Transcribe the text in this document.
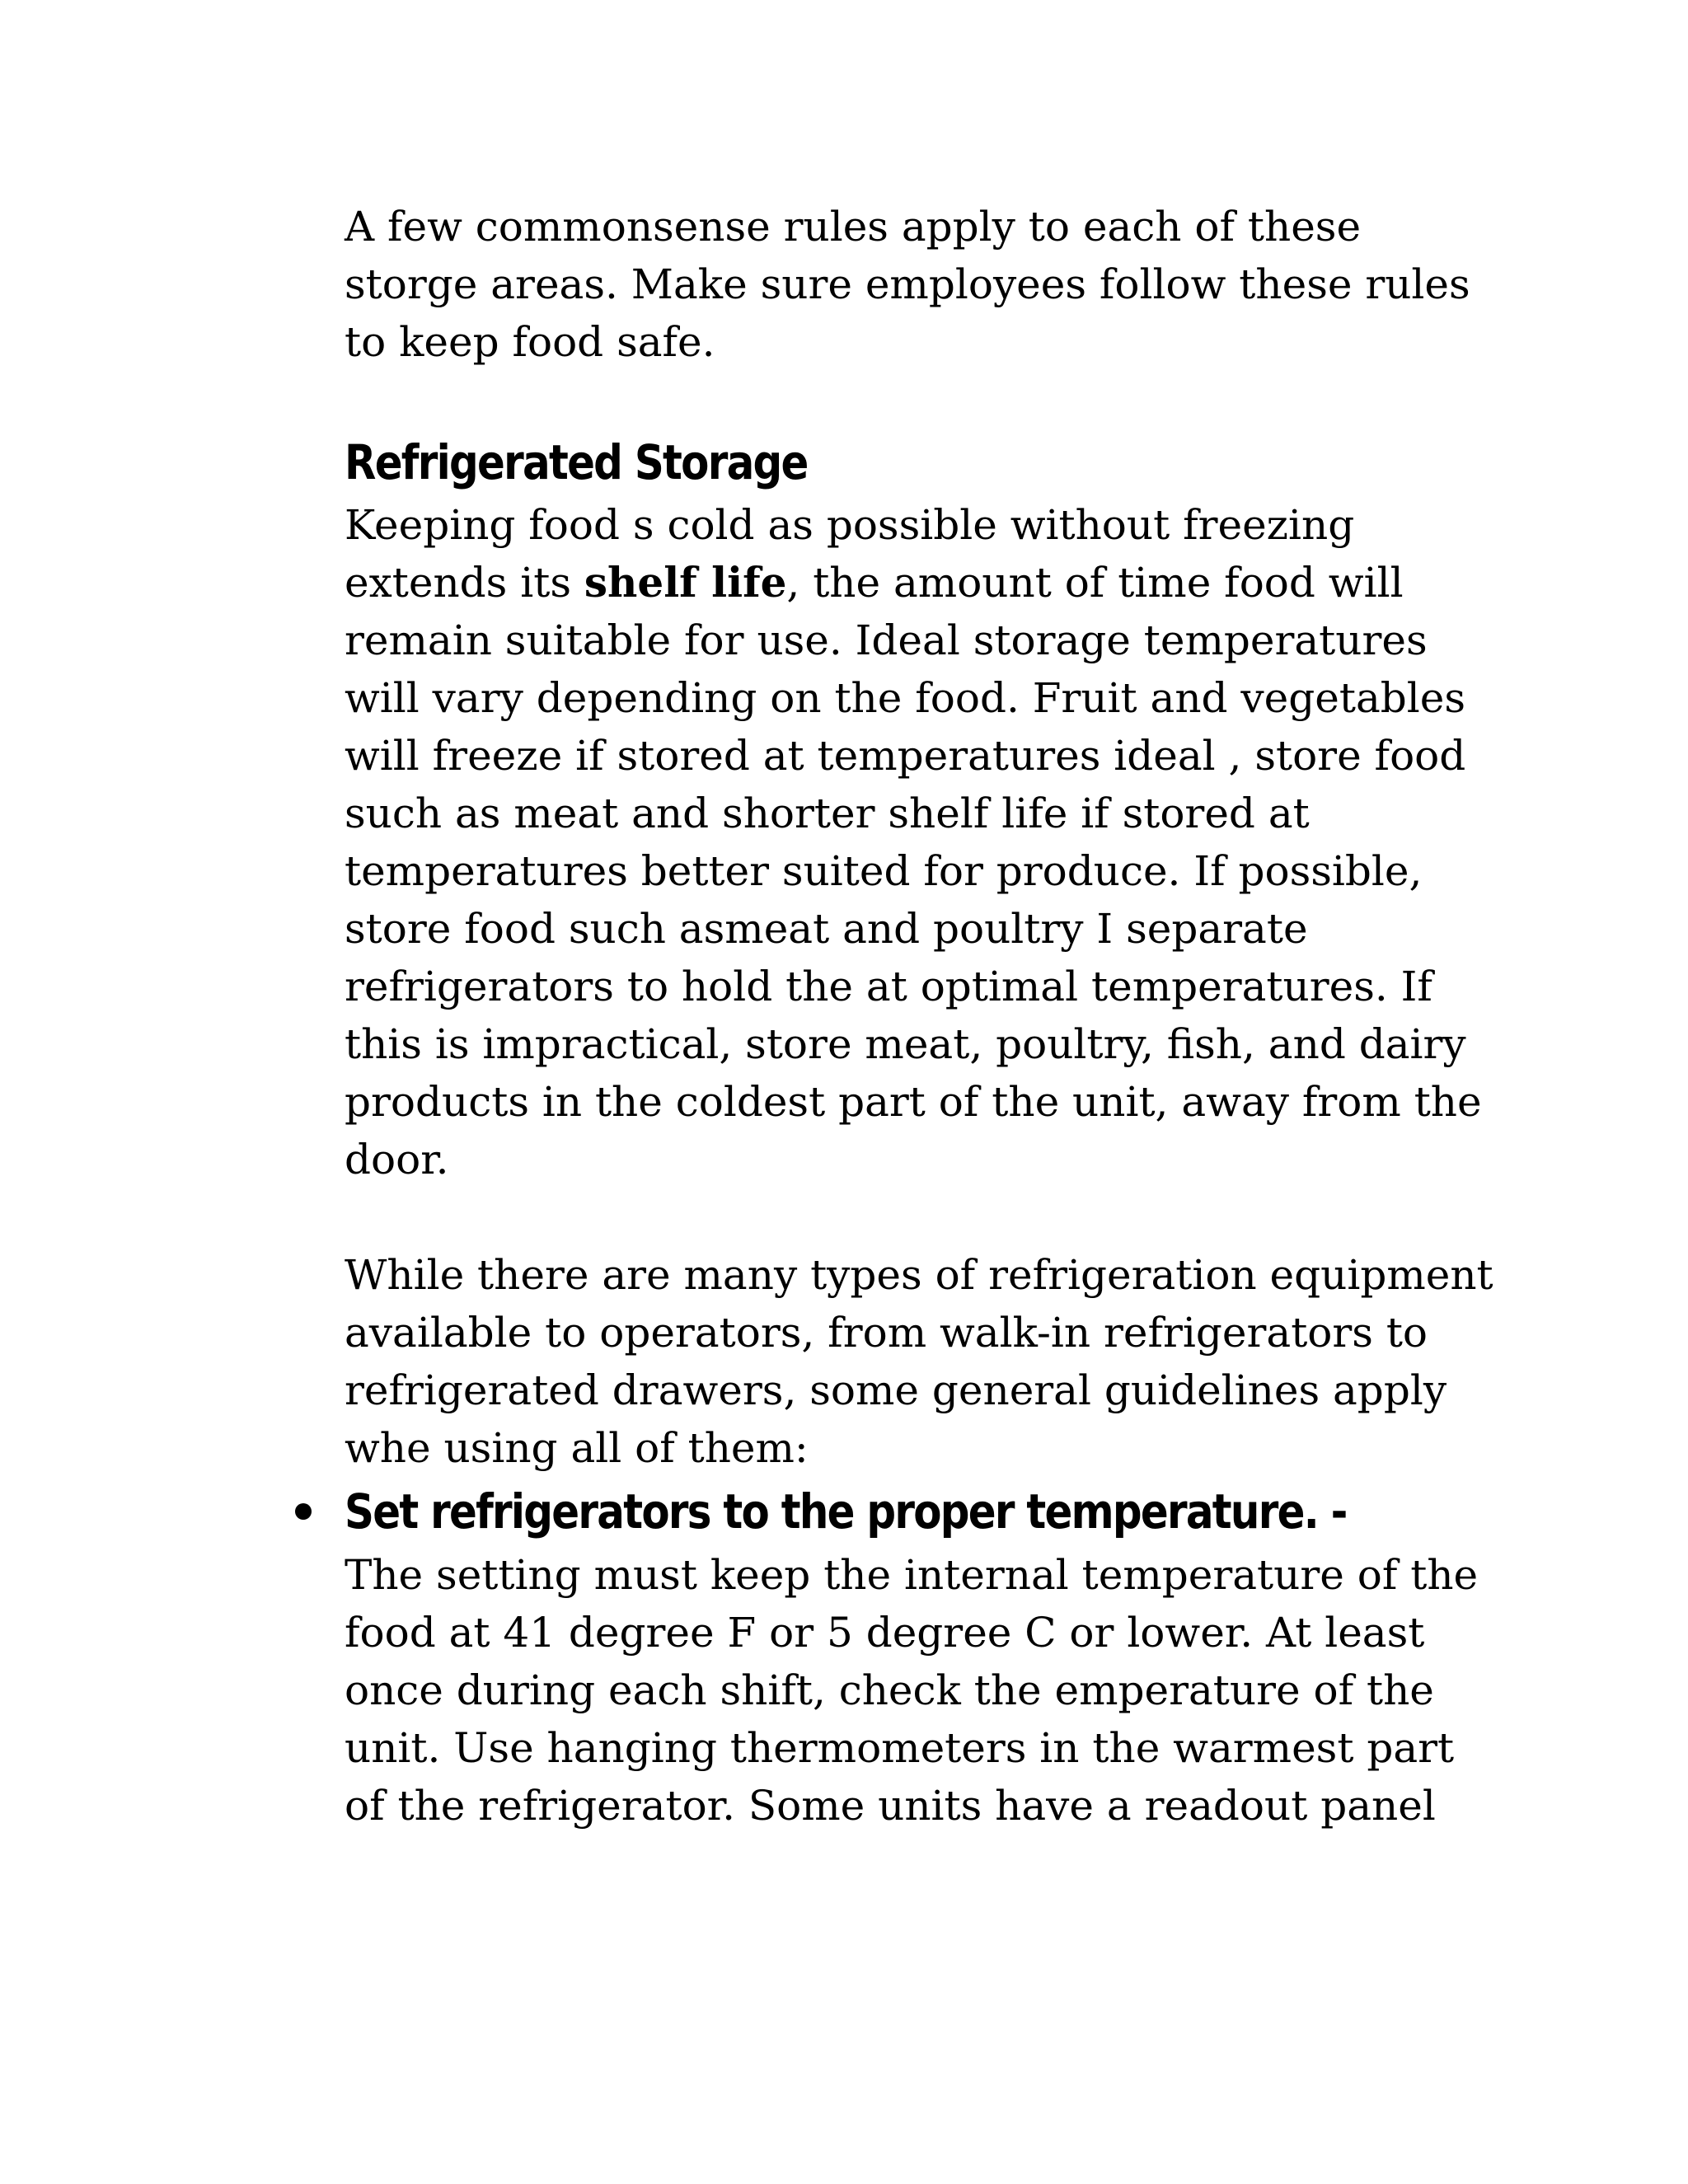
A few commonsense rules apply to each of these storge areas. Make sure employees follow these rules to keep food safe.

Refrigerated Storage

Keeping food s cold as possible without freezing extends its shelf life, the amount of time food will remain suitable for use. Ideal storage temperatures will vary depending on the food. Fruit and vegetables will freeze if stored at temperatures ideal , store food such as meat and shorter shelf life if stored at temperatures better suited for produce. If possible, store food such asmeat and poultry I separate refrigerators to hold the at optimal temperatures. If this is impractical, store meat, poultry, fish, and dairy products in the coldest part of the unit, away from the door.

While there are many types of refrigeration equipment available to operators, from walk-in refrigerators to refrigerated drawers, some general guidelines apply whe using all of them:

Set refrigerators to the proper temperature. -
The setting must keep the internal temperature of the food at 41 degree F or 5 degree C or lower. At least once during each shift, check the emperature of the unit. Use hanging thermometers in the warmest part of the refrigerator. Some units have a readout panel
